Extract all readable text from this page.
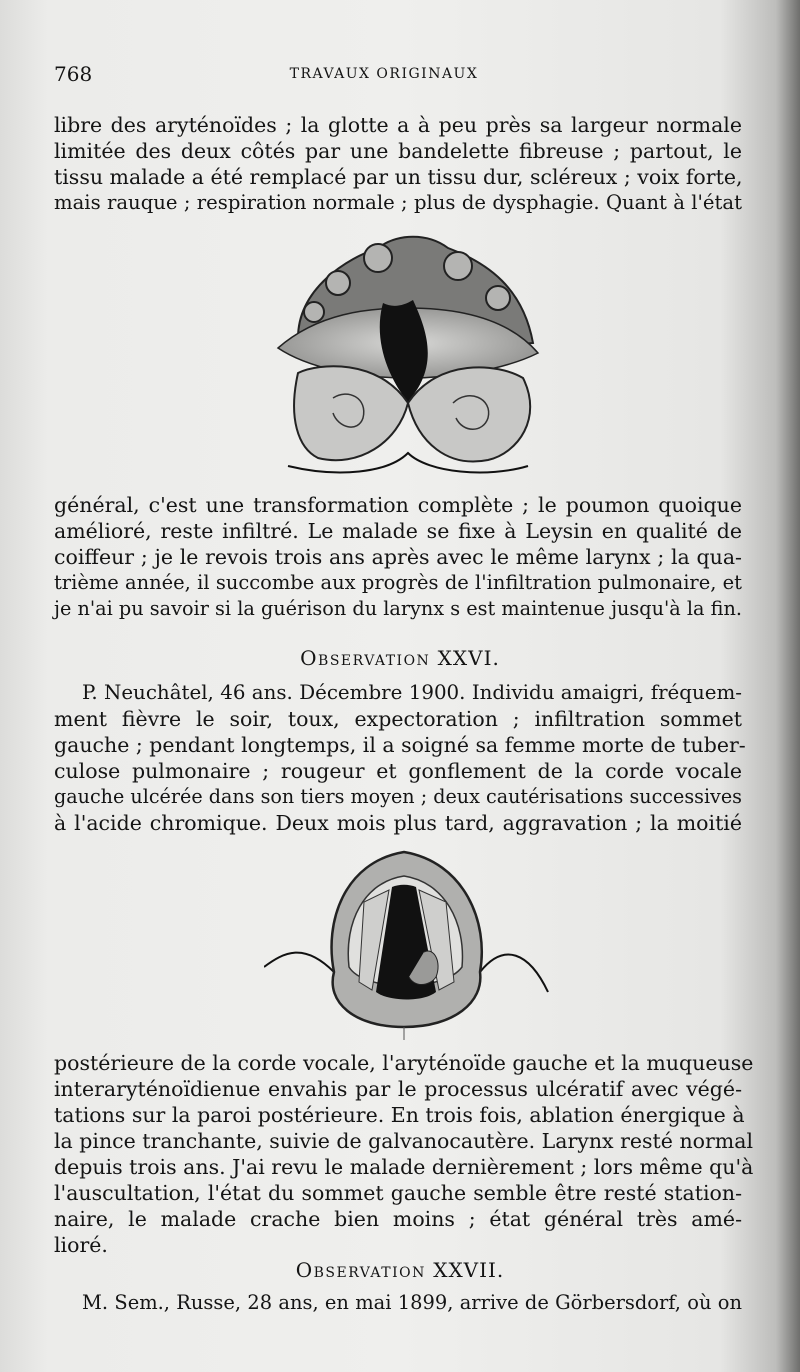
768	TRAVAUX ORIGINAUX
libre des aryténoïdes ; la glotte a à peu près sa largeur normale
limitée des deux côtés par une bandelette fibreuse ; partout, le
tissu malade a été remplacé par un tissu dur, scléreux ; voix forte,
mais rauque ; respiration normale ; plus de dysphagie. Quant à l'état
général, c'est une transformation complète ; le poumon quoique
amélioré, reste infiltré. Le malade se fixe à Leysin en qualité de
coiffeur ; je le revois trois ans après avec le même larynx ; la qua-
trième année, il succombe aux progrès de l'infiltration pulmonaire, et
je n'ai pu savoir si la guérison du larynx s est maintenue jusqu'à la fin.
Observation XXVI.
P. Neuchâtel, 46 ans. Décembre 1900. Individu amaigri, fréquem-
ment fièvre le soir, toux, expectoration ; infiltration sommet
gauche ; pendant longtemps, il a soigné sa femme morte de tuber-
culose pulmonaire ; rougeur et gonflement de la corde vocale
gauche ulcérée dans son tiers moyen ; deux cautérisations successives
à l'acide chromique. Deux mois plus tard, aggravation ; la moitié
postérieure de la corde vocale, l'aryténoïde gauche et la muqueuse
interaryténoïdienue envahis par le processus ulcératif avec végé-
tations sur la paroi postérieure. En trois fois, ablation énergique à
la pince tranchante, suivie de galvanocautère. Larynx resté normal
depuis trois ans. J'ai revu le malade dernièrement ; lors même qu'à
l'auscultation, l'état du sommet gauche semble être resté station-
naire, le malade crache bien moins ; état général très amé-
lioré.
Observation XXVII.
M. Sem., Russe, 28 ans, en mai 1899, arrive de Görbersdorf, où on
